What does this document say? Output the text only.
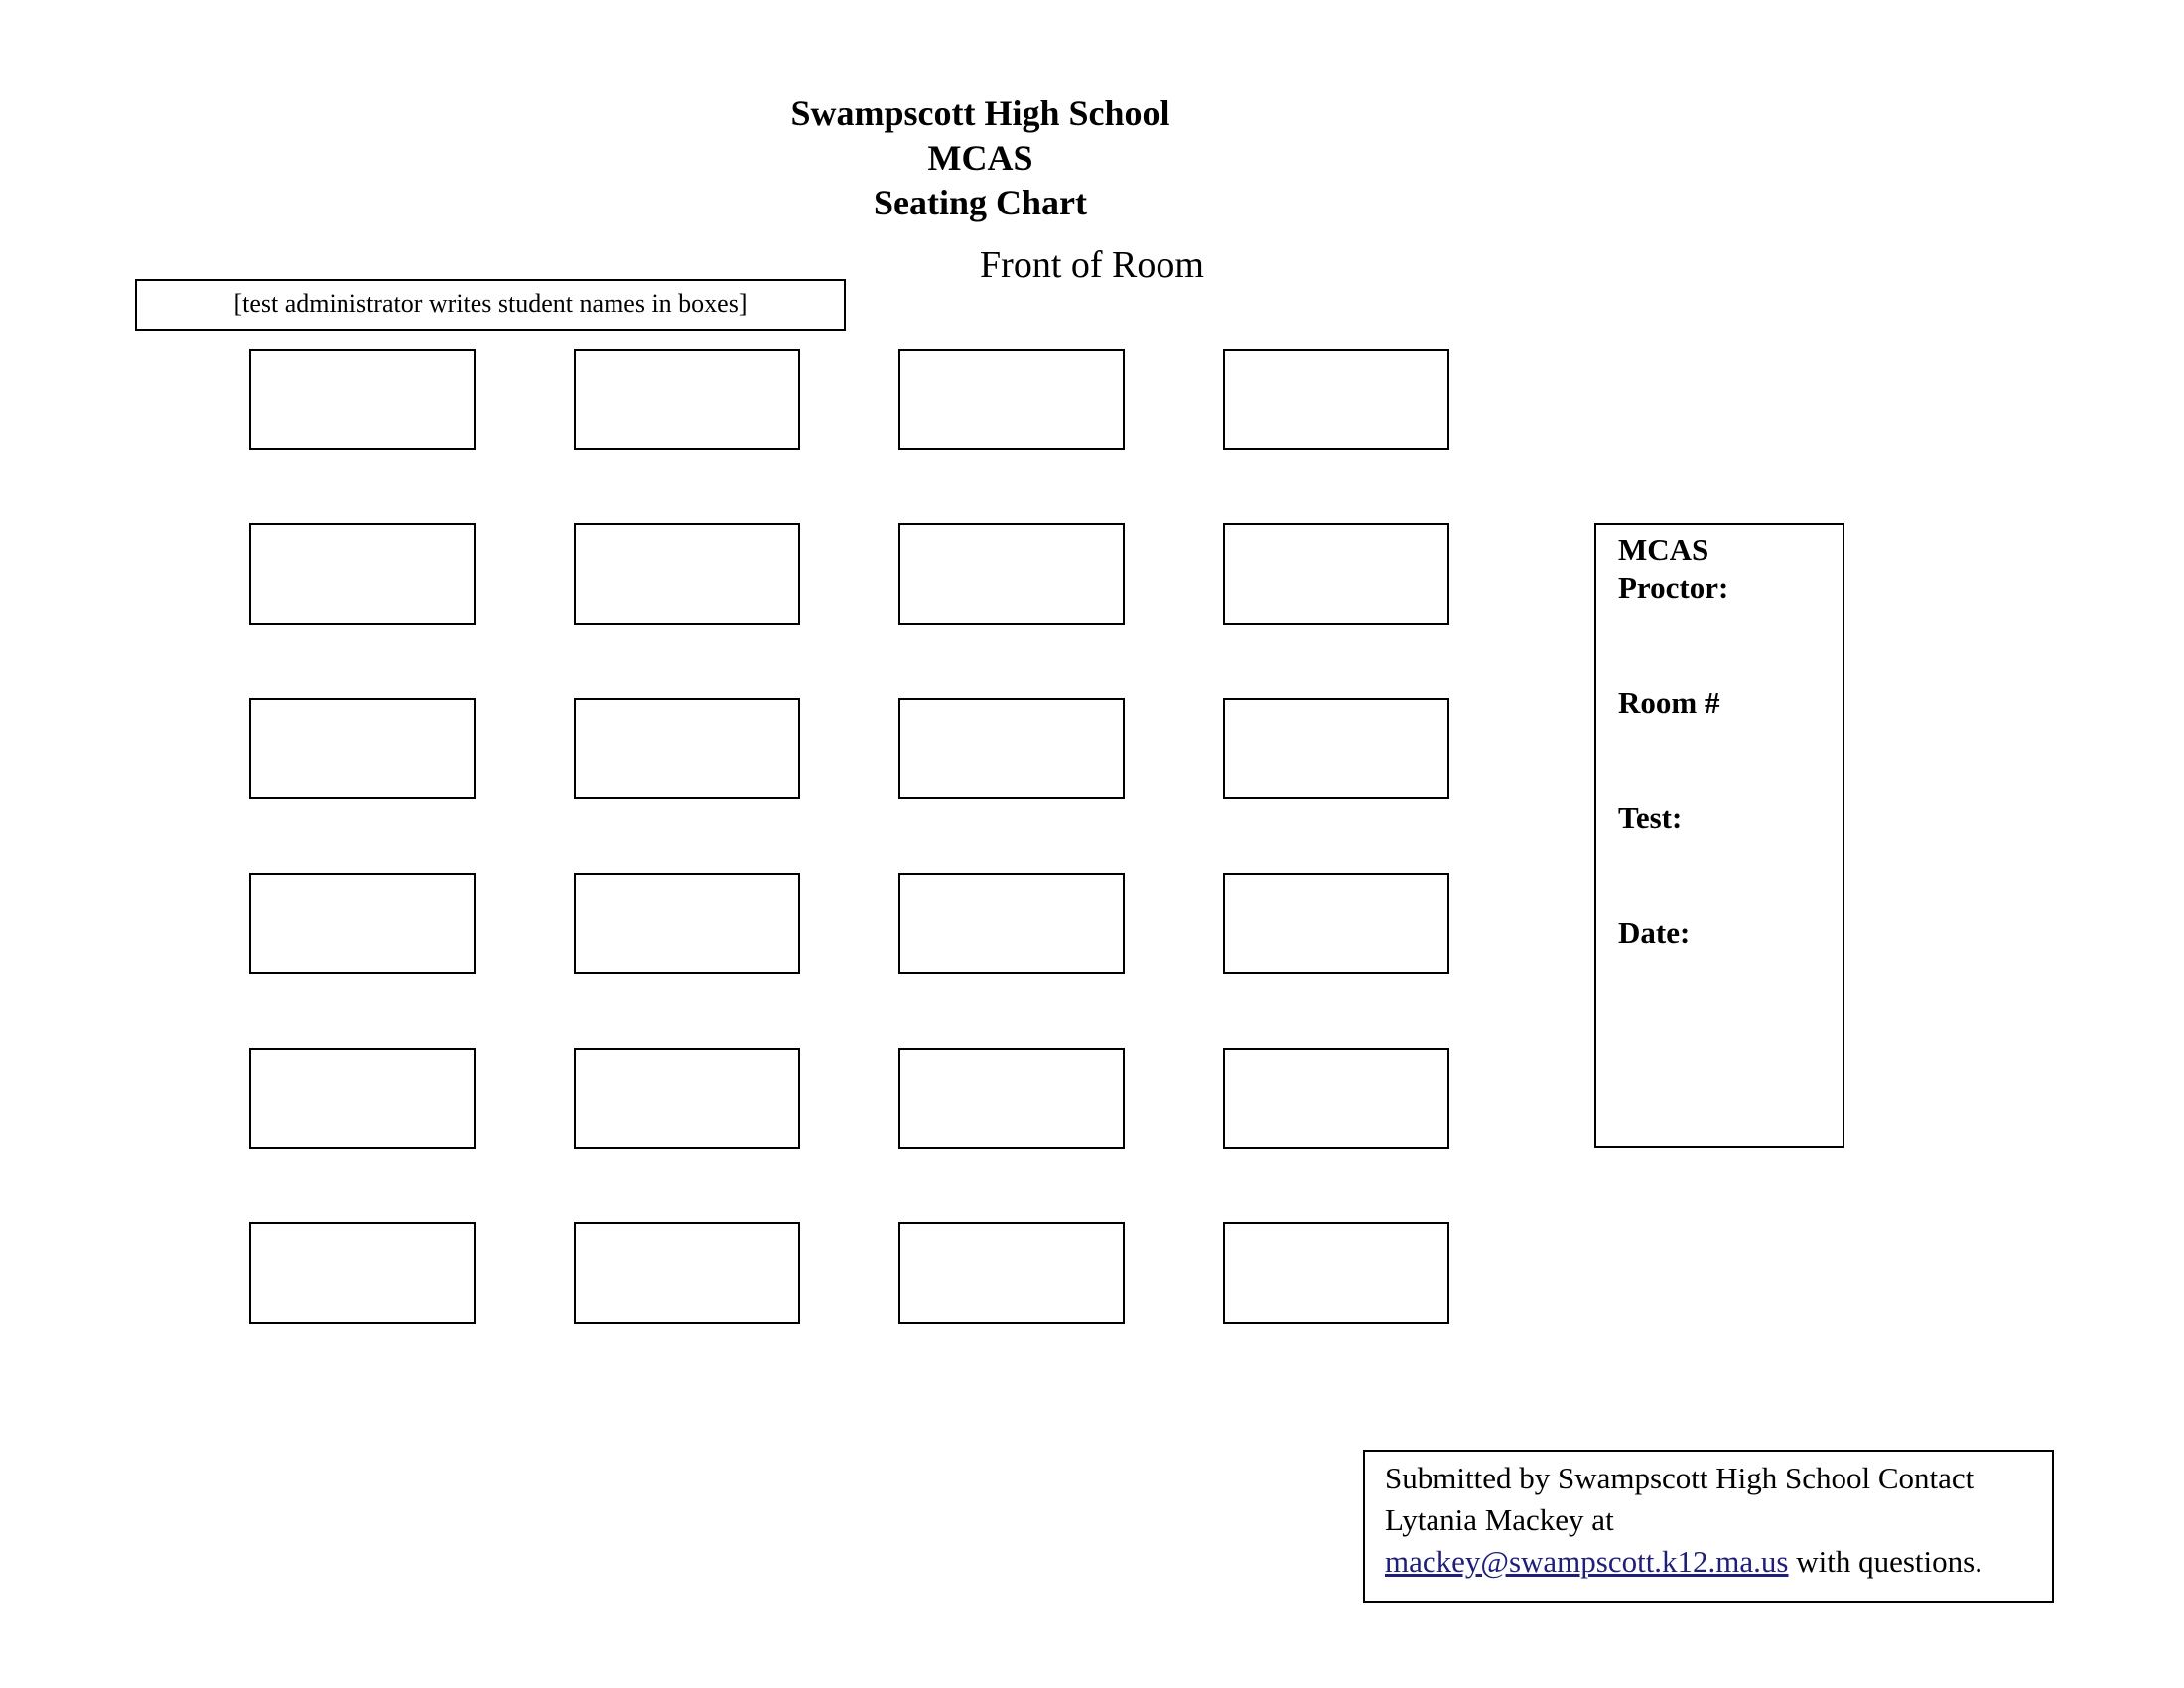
Swampscott High School
MCAS
Seating Chart
Front of Room
[test administrator writes student names in boxes]
MCAS
Proctor:
Room #
Test:
Date:
Submitted by Swampscott High School Contact
Lytania Mackey at
mackey@swampscott.k12.ma.us with questions.
